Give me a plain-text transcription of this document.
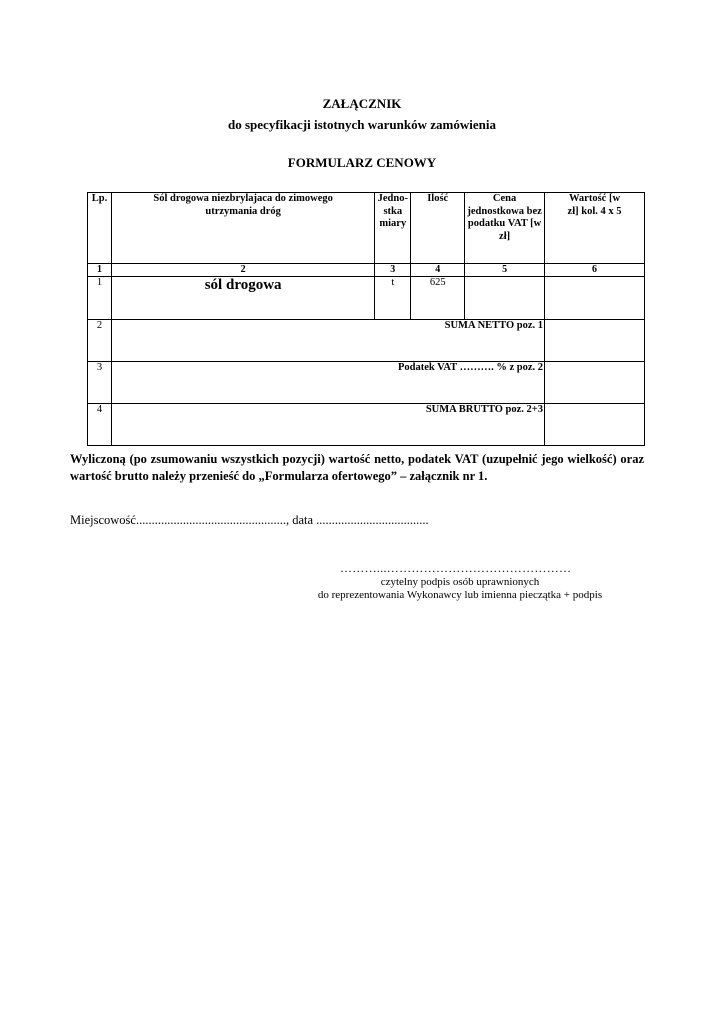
ZAŁĄCZNIK
do specyfikacji istotnych warunków zamówienia
FORMULARZ CENOWY
Lp.	Sól drogowa niezbrylajaca do zimowego utrzymania dróg	Jedno-stka miary	Ilość	Cena jednostkowa bez podatku VAT [w zł]	Wartość [w zł] kol. 4 x 5
1	2	3	4	5	6
1	sól drogowa	t	625		
2	SUMA NETTO poz. 1				
3	Podatek VAT ………. % z poz. 2				
4	SUMA BRUTTO poz. 2+3				
Wyliczoną (po zsumowaniu wszystkich pozycji) wartość netto, podatek VAT (uzupełnić jego wielkość) oraz wartość brutto należy przenieść do „Formularza ofertowego” – załącznik nr 1.
Miejscowość................................................, data ....................................
………...………………………………………
czytelny podpis osób uprawnionych
do reprezentowania Wykonawcy lub imienna pieczątka + podpis
